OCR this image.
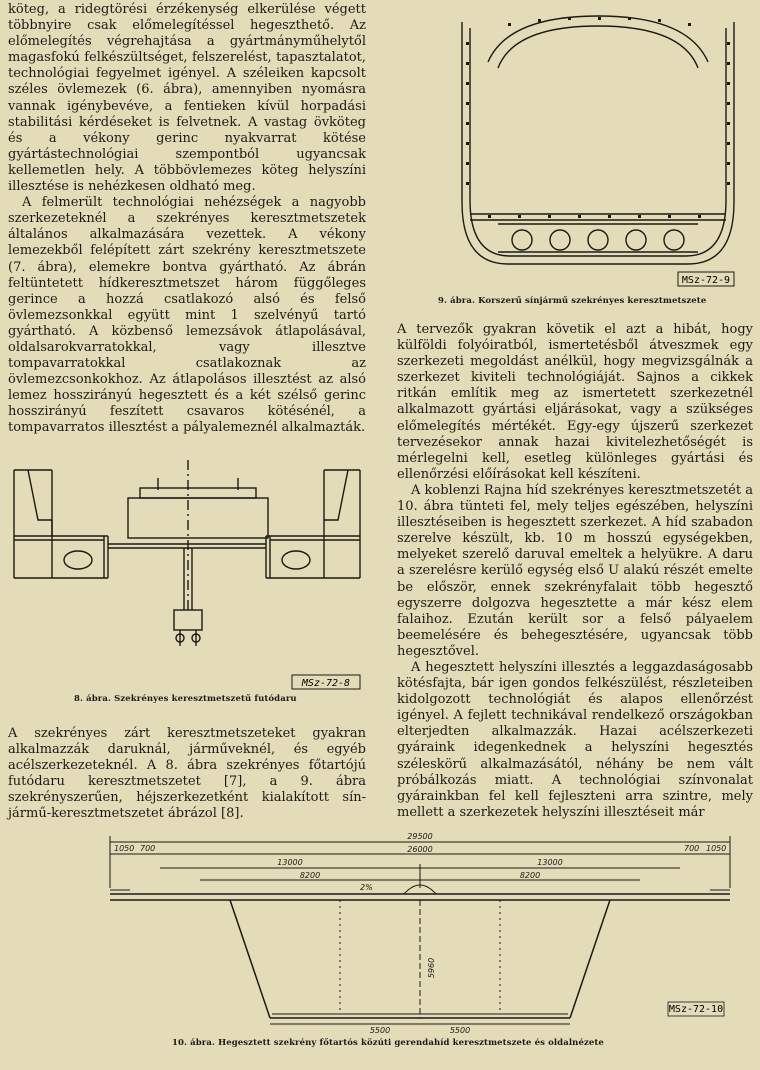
köteg, a ridegtörési érzékenység elkerülése végett többnyire csak előmelegítéssel hegeszthető. Az előmelegítés végrehajtása a gyártmányműhelytől magasfokú felkészültséget, felszerelést, tapasztalatot, technológiai fegyelmet igényel. A széleiken kapcsolt széles övlemezek (6. ábra), amennyiben nyomásra vannak igénybevéve, a fentieken kívül horpadási stabilitási kérdéseket is felvetnek. A vastag övköteg és a vékony gerinc nyakvarrat kötése gyártástechnológiai szempontból ugyancsak kellemetlen hely. A többövlemezes köteg helyszíni illesztése is nehézkesen oldható meg.

A felmerült technológiai nehézségek a nagyobb szerkezeteknél a szekrényes keresztmetszetek általános alkalmazására vezettek. A vékony lemezekből felépített zárt szekrény keresztmetszete (7. ábra), elemekre bontva gyártható. Az ábrán feltüntetett hídkeresztmetszet három függőleges gerince a hozzá csatlakozó alsó és felső övlemezsonkkal együtt mint 1 szelvényű tartó gyártható. A közbenső lemezsávok átlapolásával, oldalsarokvarratokkal, vagy illesztve tompavarratokkal csatlakoznak az övlemezcsonkokhoz. Az átlapolásos illesztést az alsó lemez hosszirányú hegesztett és a két szélső gerinc hosszirányú feszített csavaros kötésénél, a tompavarratos illesztést a pályalemeznél alkalmazták.

MSz-72-8
8. ábra. Szekrényes keresztmetszetű futódaru

A szekrényes zárt keresztmetszeteket gyakran alkalmazzák daruknál, járműveknél, és egyéb acélszerkezeteknél. A 8. ábra szekrényes főtartójú futódaru keresztmetszetet [7], a 9. ábra szekrényszerűen, héjszerkezetként kialakított sín-jármű-keresztmetszetet ábrázol [8].

MSz-72-9
9. ábra. Korszerű sínjármű szekrényes keresztmetszete

A tervezők gyakran követik el azt a hibát, hogy külföldi folyóiratból, ismertetésből átveszmek egy szerkezeti megoldást anélkül, hogy megvizsgálnák a szerkezet kiviteli technológiáját. Sajnos a cikkek ritkán említik meg az ismertetett szerkezetnél alkalmazott gyártási eljárásokat, vagy a szükséges előmelegítés mértékét. Egy-egy újszerű szerkezet tervezésekor annak hazai kivitelezhetőségét is mérlegelni kell, esetleg különleges gyártási és ellenőrzési előírásokat kell készíteni.

A koblenzi Rajna híd szekrényes keresztmetszetét a 10. ábra tünteti fel, mely teljes egészében, helyszíni illesztéseiben is hegesztett szerkezet. A híd szabadon szerelve készült, kb. 10 m hosszú egységekben, melyeket szerelő daruval emeltek a helyükre. A daru a szerelésre kerülő egység első U alakú részét emelte be először, ennek szekrényfalait több hegesztő egyszerre dolgozva hegesztette a már kész elem falaihoz. Ezután került sor a felső pályaelem beemelésére és behegesztésére, ugyancsak több hegesztővel.

A hegesztett helyszíni illesztés a leggazdaságosabb kötésfajta, bár igen gondos felkészülést, részleteiben kidolgozott technológiát és alapos ellenőrzést igényel. A fejlett technikával rendelkező országokban elterjedten alkalmazzák. Hazai acélszerkezeti gyáraink idegenkednek a helyszíni hegesztés széleskörű alkalmazásától, néhány be nem vált próbálkozás miatt. A technológiai színvonalat gyárainkban fel kell fejleszteni arra szintre, mely mellett a szerkezetek helyszíni illesztéseit már

29500
26000
1050 700	700 1050
13000	13000
8200	8200
2%
5960
5500	5500
MSz-72-10
10. ábra. Hegesztett szekrény főtartós közúti gerendahíd keresztmetszete és oldalnézete
